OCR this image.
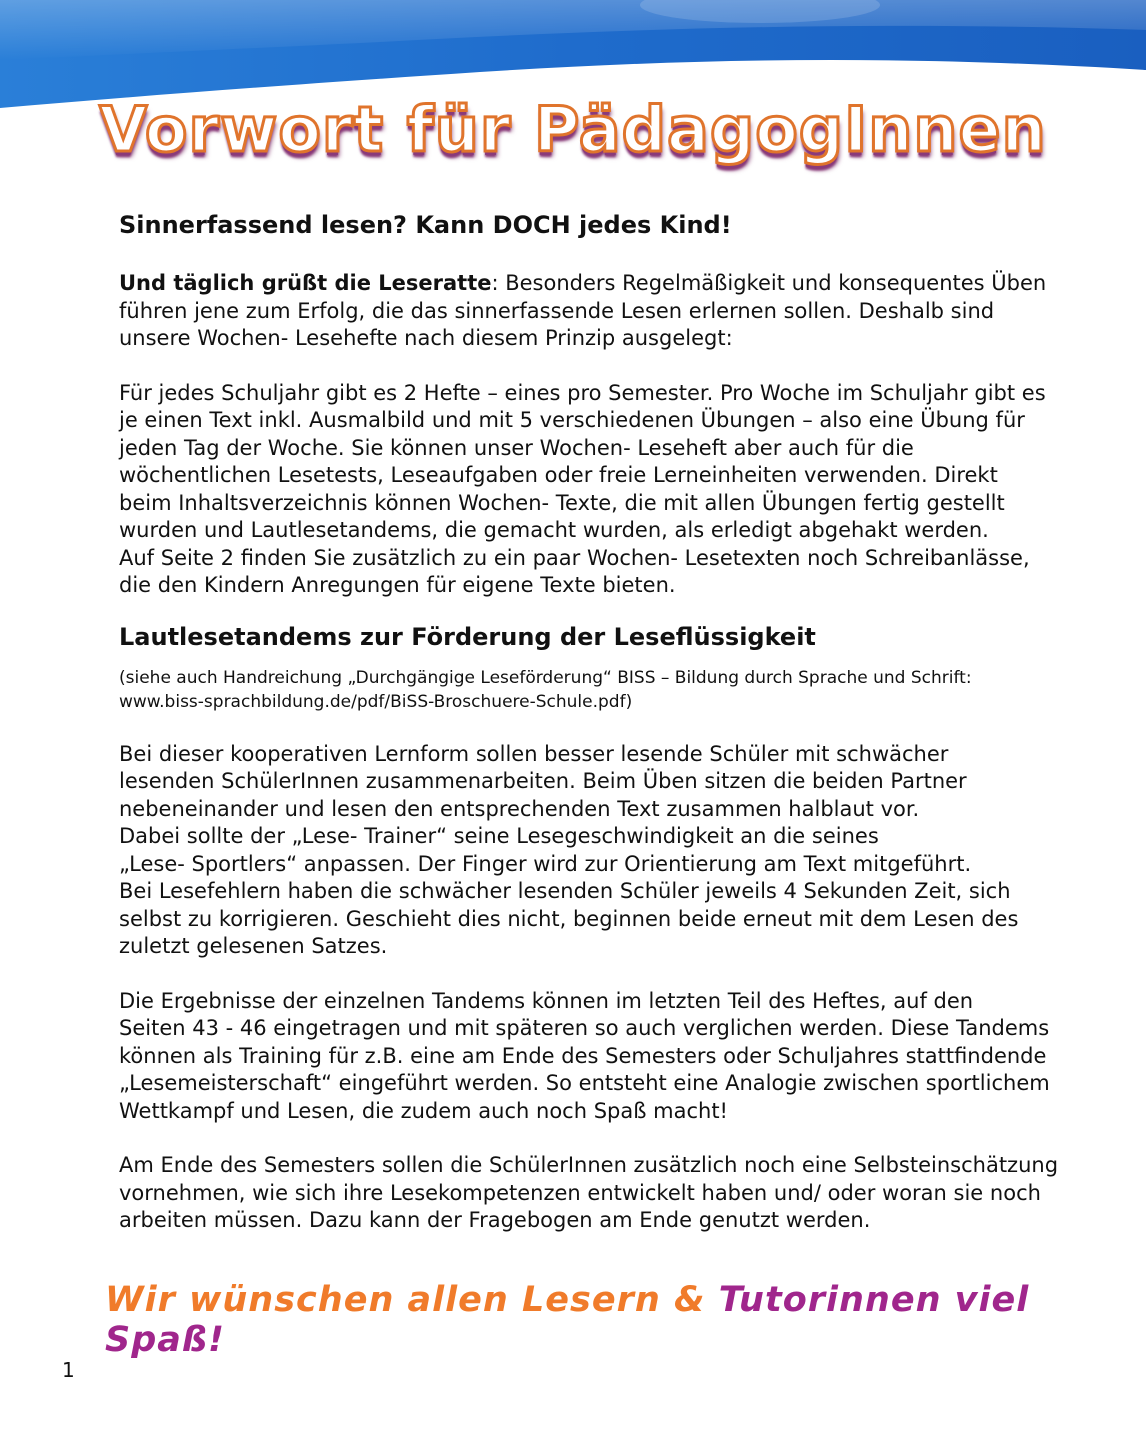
Vorwort für PädagogInnen
Sinnerfassend lesen? Kann DOCH jedes Kind!

Und täglich grüßt die Leseratte: Besonders Regelmäßigkeit und konsequentes Üben
führen jene zum Erfolg, die das sinnerfassende Lesen erlernen sollen. Deshalb sind
unsere Wochen- Lesehefte nach diesem Prinzip ausgelegt:

Für jedes Schuljahr gibt es 2 Hefte – eines pro Semester. Pro Woche im Schuljahr gibt es
je einen Text inkl. Ausmalbild und mit 5 verschiedenen Übungen – also eine Übung für
jeden Tag der Woche. Sie können unser Wochen- Leseheft aber auch für die
wöchentlichen Lesetests, Leseaufgaben oder freie Lerneinheiten verwenden. Direkt
beim Inhaltsverzeichnis können Wochen- Texte, die mit allen Übungen fertig gestellt
wurden und Lautlesetandems, die gemacht wurden, als erledigt abgehakt werden.
Auf Seite 2 finden Sie zusätzlich zu ein paar Wochen- Lesetexten noch Schreibanlässe,
die den Kindern Anregungen für eigene Texte bieten.

Lautlesetandems zur Förderung der Leseflüssigkeit

(siehe auch Handreichung „Durchgängige Leseförderung“ BISS – Bildung durch Sprache und Schrift:
www.biss-sprachbildung.de/pdf/BiSS-Broschuere-Schule.pdf)

Bei dieser kooperativen Lernform sollen besser lesende Schüler mit schwächer
lesenden SchülerInnen zusammenarbeiten. Beim Üben sitzen die beiden Partner
nebeneinander und lesen den entsprechenden Text zusammen halblaut vor.
Dabei sollte der „Lese- Trainer“ seine Lesegeschwindigkeit an die seines
„Lese- Sportlers“ anpassen. Der Finger wird zur Orientierung am Text mitgeführt.
Bei Lesefehlern haben die schwächer lesenden Schüler jeweils 4 Sekunden Zeit, sich
selbst zu korrigieren. Geschieht dies nicht, beginnen beide erneut mit dem Lesen des
zuletzt gelesenen Satzes.

Die Ergebnisse der einzelnen Tandems können im letzten Teil des Heftes, auf den
Seiten 43 - 46 eingetragen und mit späteren so auch verglichen werden. Diese Tandems
können als Training für z.B. eine am Ende des Semesters oder Schuljahres stattfindende
„Lesemeisterschaft“ eingeführt werden. So entsteht eine Analogie zwischen sportlichem
Wettkampf und Lesen, die zudem auch noch Spaß macht!

Am Ende des Semesters sollen die SchülerInnen zusätzlich noch eine Selbsteinschätzung
vornehmen, wie sich ihre Lesekompetenzen entwickelt haben und/ oder woran sie noch
arbeiten müssen. Dazu kann der Fragebogen am Ende genutzt werden.

Wir wünschen allen Lesern & Tutorinnen viel Spaß!
1
